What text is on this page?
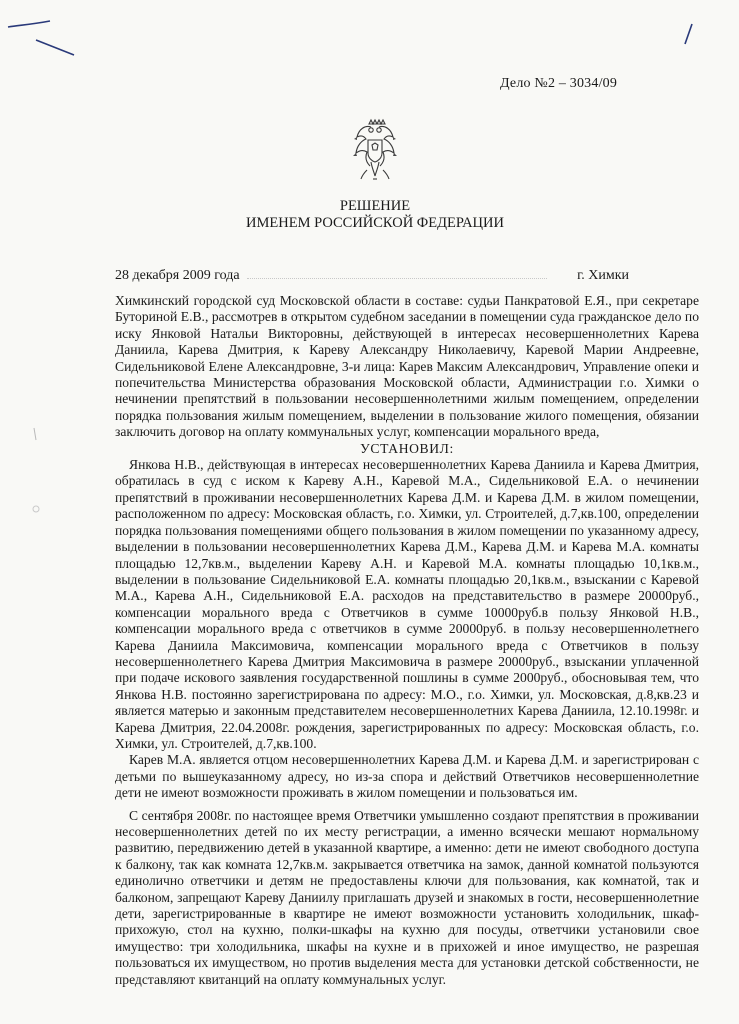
Дело №2 – 3034/09
РЕШЕНИЕ
ИМЕНЕМ РОССИЙСКОЙ ФЕДЕРАЦИИ
28 декабря 2009 года	г. Химки

Химкинский городской суд Московской области в составе: судьи Панкратовой Е.Я., при секретаре Буториной Е.В., рассмотрев в открытом судебном заседании в помещении суда гражданское дело по иску Янковой Натальи Викторовны, действующей в интересах несовершеннолетних Карева Даниила, Карева Дмитрия, к Кареву Александру Николаевичу, Каревой Марии Андреевне, Сидельниковой Елене Александровне, 3-и лица: Карев Максим Александрович, Управление опеки и попечительства Министерства образования Московской области, Администрации г.о. Химки о нечинении препятствий в пользовании несовершеннолетними жилым помещением, определении порядка пользования жилым помещением, выделении в пользование жилого помещения, обязании заключить договор на оплату коммунальных услуг, компенсации морального вреда,

УСТАНОВИЛ:

Янкова Н.В., действующая в интересах несовершеннолетних Карева Даниила и Карева Дмитрия, обратилась в суд с иском к Кареву А.Н., Каревой М.А., Сидельниковой Е.А. о нечинении препятствий в проживании несовершеннолетних Карева Д.М. и Карева Д.М. в жилом помещении, расположенном по адресу: Московская область, г.о. Химки, ул. Строителей, д.7,кв.100, определении порядка пользования помещениями общего пользования в жилом помещении по указанному адресу, выделении в пользовании несовершеннолетних Карева Д.М., Карева Д.М. и Карева М.А. комнаты площадью 12,7кв.м., выделении Кареву А.Н. и Каревой М.А. комнаты площадью 10,1кв.м., выделении в пользование Сидельниковой Е.А. комнаты площадью 20,1кв.м., взыскании с Каревой М.А., Карева А.Н., Сидельниковой Е.А. расходов на представительство в размере 20000руб., компенсации морального вреда с Ответчиков в сумме 10000руб.в пользу Янковой Н.В., компенсации морального вреда с ответчиков в сумме 20000руб. в пользу несовершеннолетнего Карева Даниила Максимовича, компенсации морального вреда с Ответчиков в пользу несовершеннолетнего Карева Дмитрия Максимовича в размере 20000руб., взыскании уплаченной при подаче искового заявления государственной пошлины в сумме 2000руб., обосновывая тем, что Янкова Н.В. постоянно зарегистрирована по адресу: М.О., г.о. Химки, ул. Московская, д.8,кв.23 и является матерью и законным представителем несовершеннолетних Карева Даниила, 12.10.1998г. и Карева Дмитрия, 22.04.2008г. рождения, зарегистрированных по адресу: Московская область, г.о. Химки, ул. Строителей, д.7,кв.100.

Карев М.А. является отцом несовершеннолетних Карева Д.М. и Карева Д.М. и зарегистрирован с детьми по вышеуказанному адресу, но из-за спора и действий Ответчиков несовершеннолетние дети не имеют возможности проживать в жилом помещении и пользоваться им.

С сентября 2008г. по настоящее время Ответчики умышленно создают препятствия в проживании несовершеннолетних детей по их месту регистрации, а именно всячески мешают нормальному развитию, передвижению детей в указанной квартире, а именно: дети не имеют свободного доступа к балкону, так как комната 12,7кв.м. закрывается ответчика на замок, данной комнатой пользуются единолично ответчики и детям не предоставлены ключи для пользования, как комнатой, так и балконом, запрещают Кареву Даниилу приглашать друзей и знакомых в гости, несовершеннолетние дети, зарегистрированные в квартире не имеют возможности установить холодильник, шкаф-прихожую, стол на кухню, полки-шкафы на кухню для посуды, ответчики установили свое имущество: три холодильника, шкафы на кухне и в прихожей и иное имущество, не разрешая пользоваться их имуществом, но против выделения места для установки детской собственности, не представляют квитанций на оплату коммунальных услуг.
